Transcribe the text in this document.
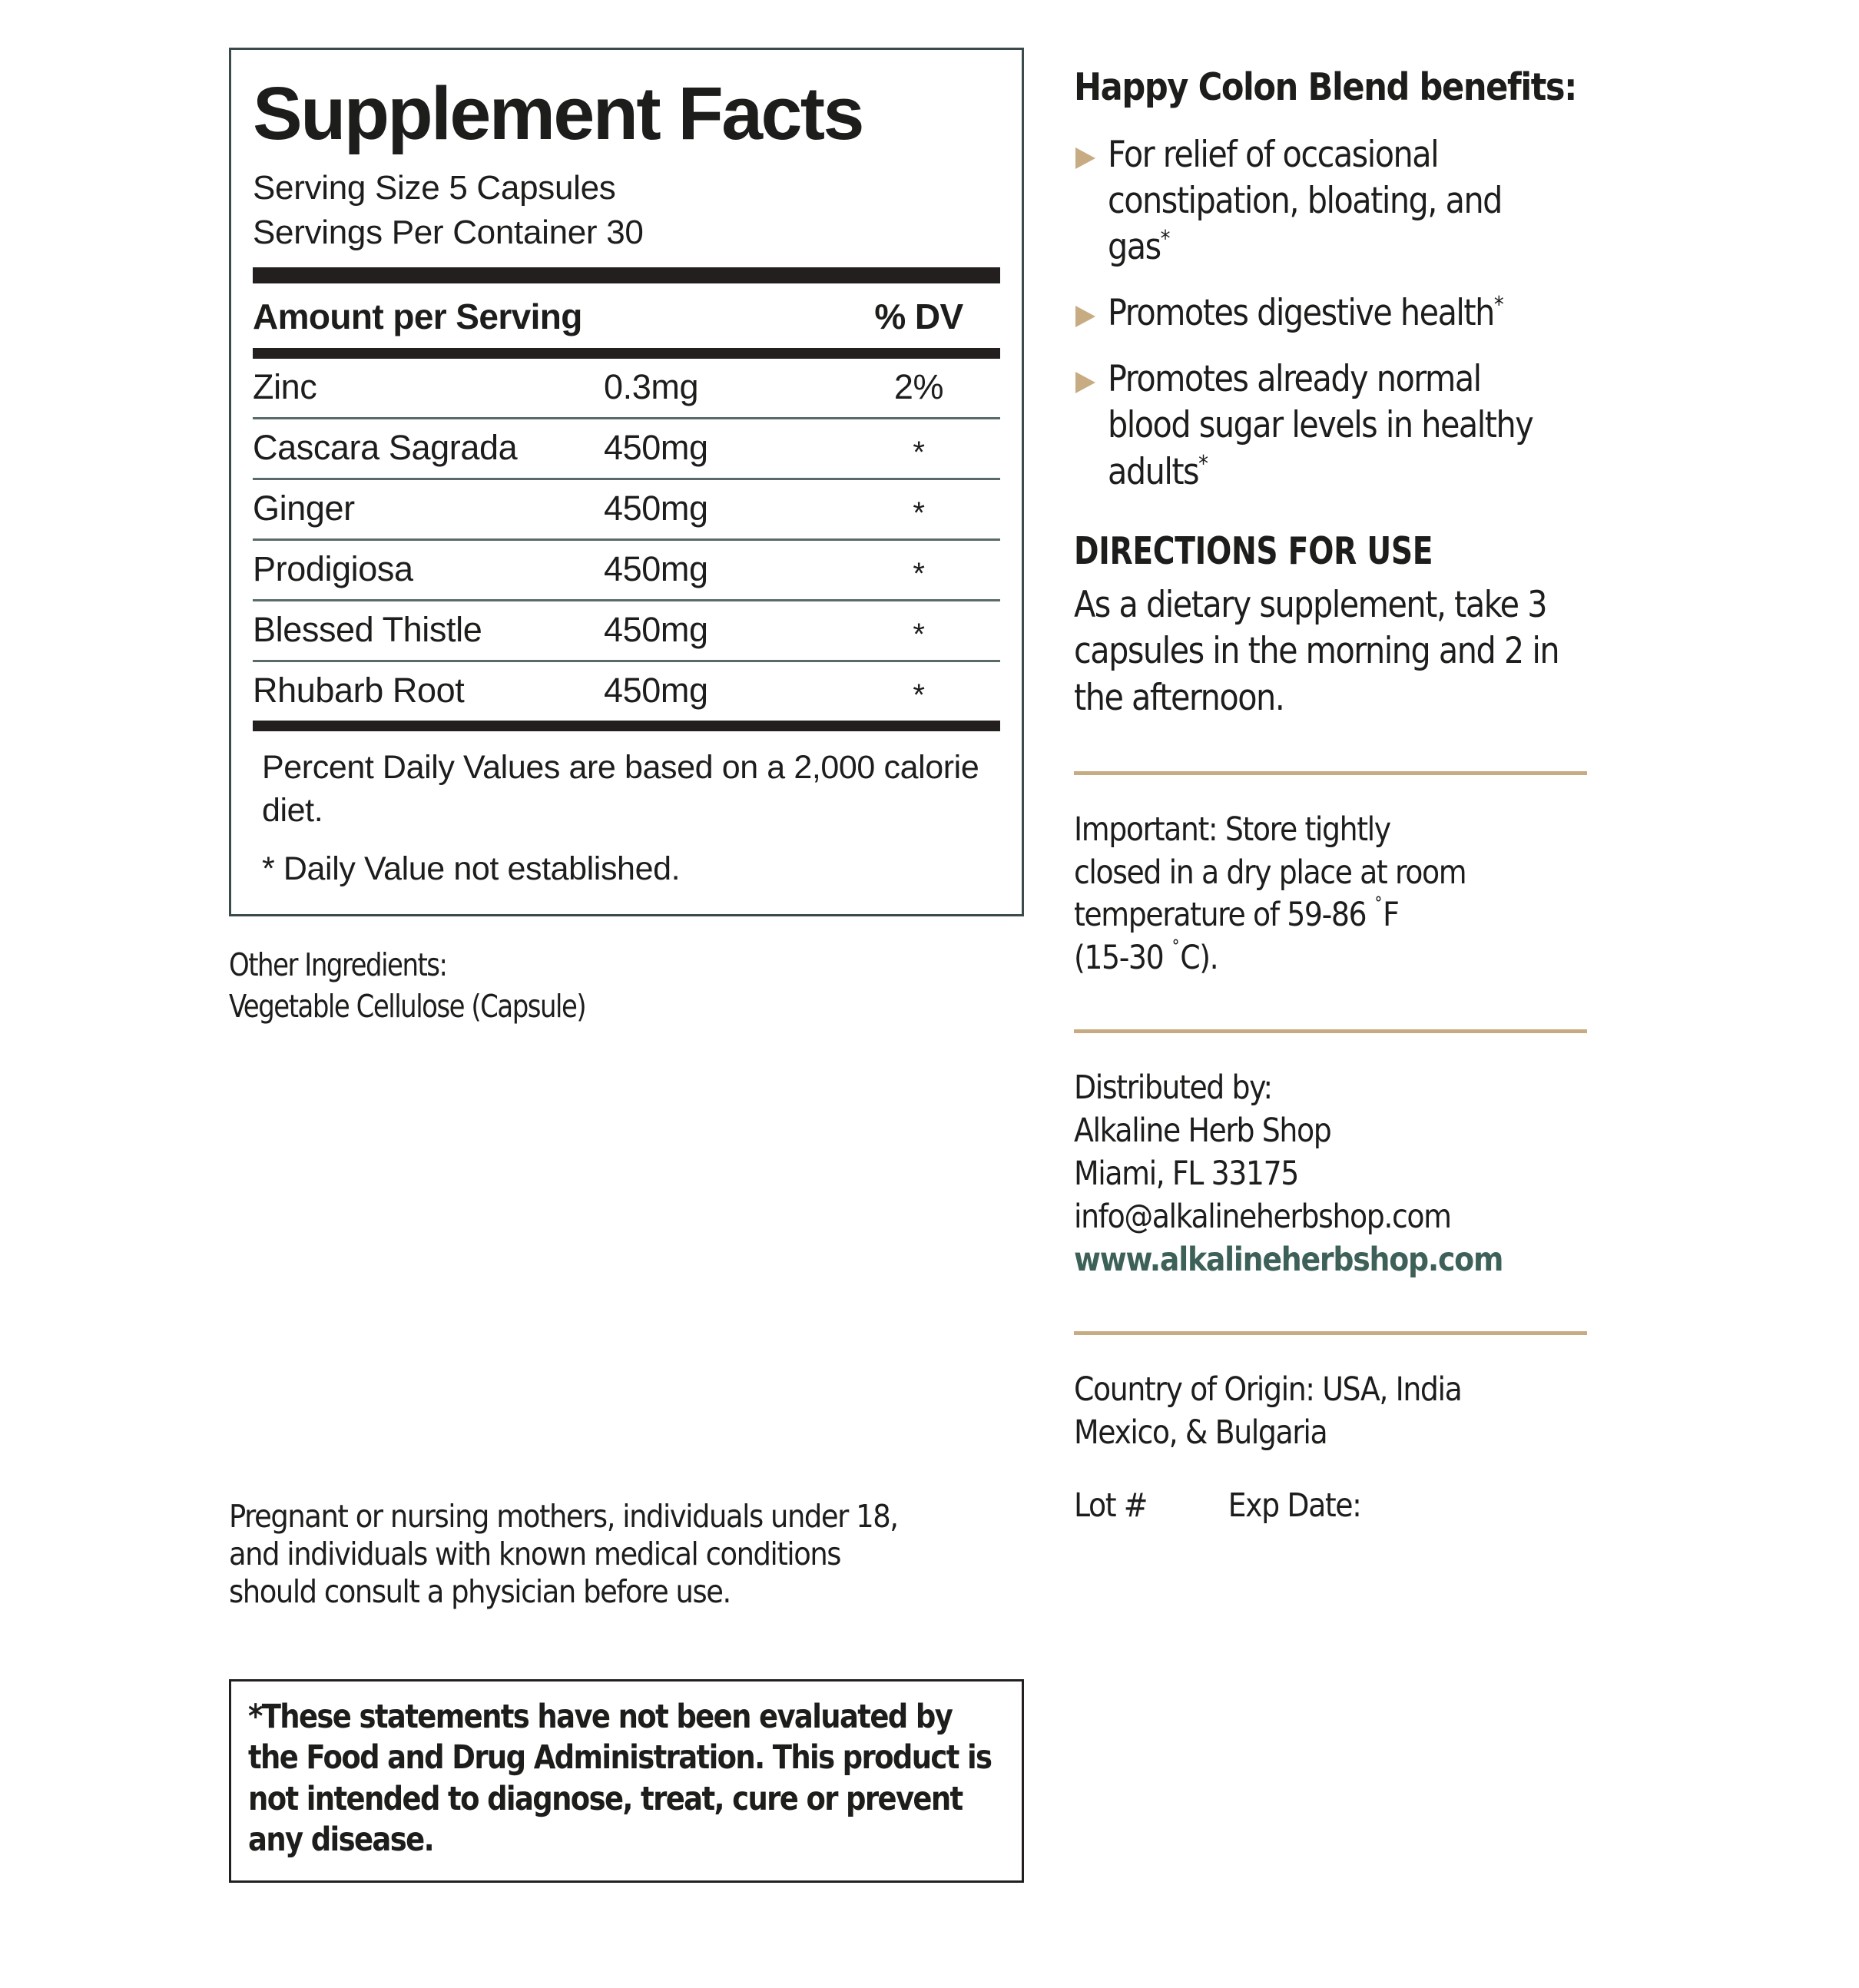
Supplement Facts
Serving Size 5 Capsules
Servings Per Container 30
Amount per Serving	% DV
Zinc	0.3mg	2%
Cascara Sagrada	450mg	*
Ginger	450mg	*
Prodigiosa	450mg	*
Blessed Thistle	450mg	*
Rhubarb Root	450mg	*
Percent Daily Values are based on a 2,000 calorie diet.
* Daily Value not established.
Other Ingredients:
Vegetable Cellulose (Capsule)
Pregnant or nursing mothers, individuals under 18, and individuals with known medical conditions should consult a physician before use.
*These statements have not been evaluated by the Food and Drug Administration. This product is not intended to diagnose, treat, cure or prevent any disease.
Happy Colon Blend benefits:
For relief of occasional constipation, bloating, and gas*
Promotes digestive health*
Promotes already normal blood sugar levels in healthy adults*
DIRECTIONS FOR USE
As a dietary supplement, take 3 capsules in the morning and 2 in the afternoon.
Important: Store tightly
closed in a dry place at room
temperature of 59-86 ˚F
(15-30 ˚C).
Distributed by:
Alkaline Herb Shop
Miami, FL 33175
info@alkalineherbshop.com
www.alkalineherbshop.com
Country of Origin: USA, India
Mexico, & Bulgaria
Lot #	Exp Date:
